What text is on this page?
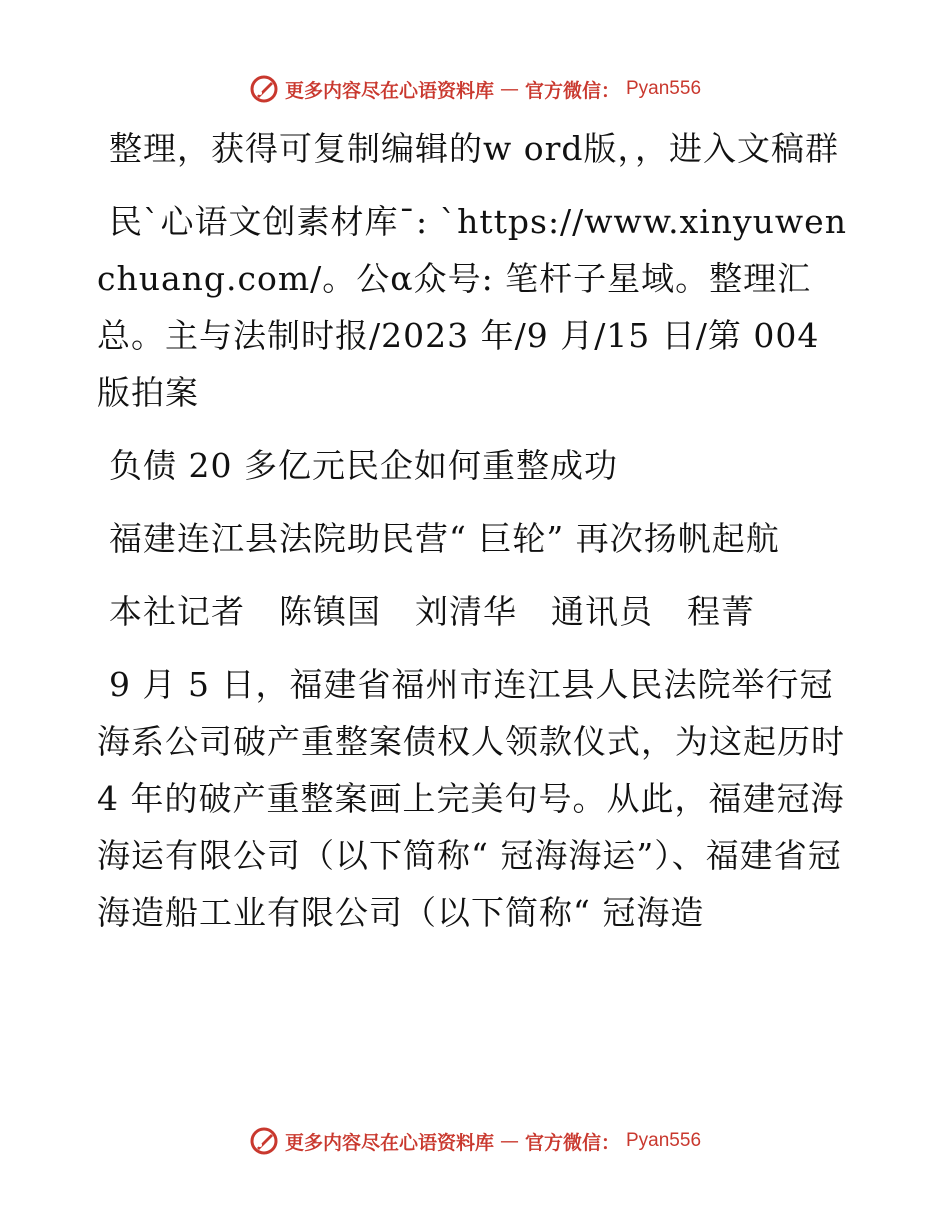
更多内容尽在心语资料库 — 官方微信： Pyan556

整理，获得可复制编辑的w ord版，，进入文稿群

民ˋ心语文创素材库¯: ˋhttps://www.xinyuwenchuang.com/。公α众号: 笔杆子星域。整理汇总。主与法制时报/2023 年/9 月/15 日/第 004 版拍案

负债 20 多亿元民企如何重整成功

福建连江县法院助民营“ 巨轮” 再次扬帆起航

本社记者　陈镇国　刘清华　通讯员　程菁

9 月 5 日，福建省福州市连江县人民法院举行冠海系公司破产重整案债权人领款仪式，为这起历时 4 年的破产重整案画上完美句号。从此，福建冠海海运有限公司（以下简称“ 冠海海运”）、福建省冠海造船工业有限公司（以下简称“ 冠海造

更多内容尽在心语资料库 — 官方微信： Pyan556
